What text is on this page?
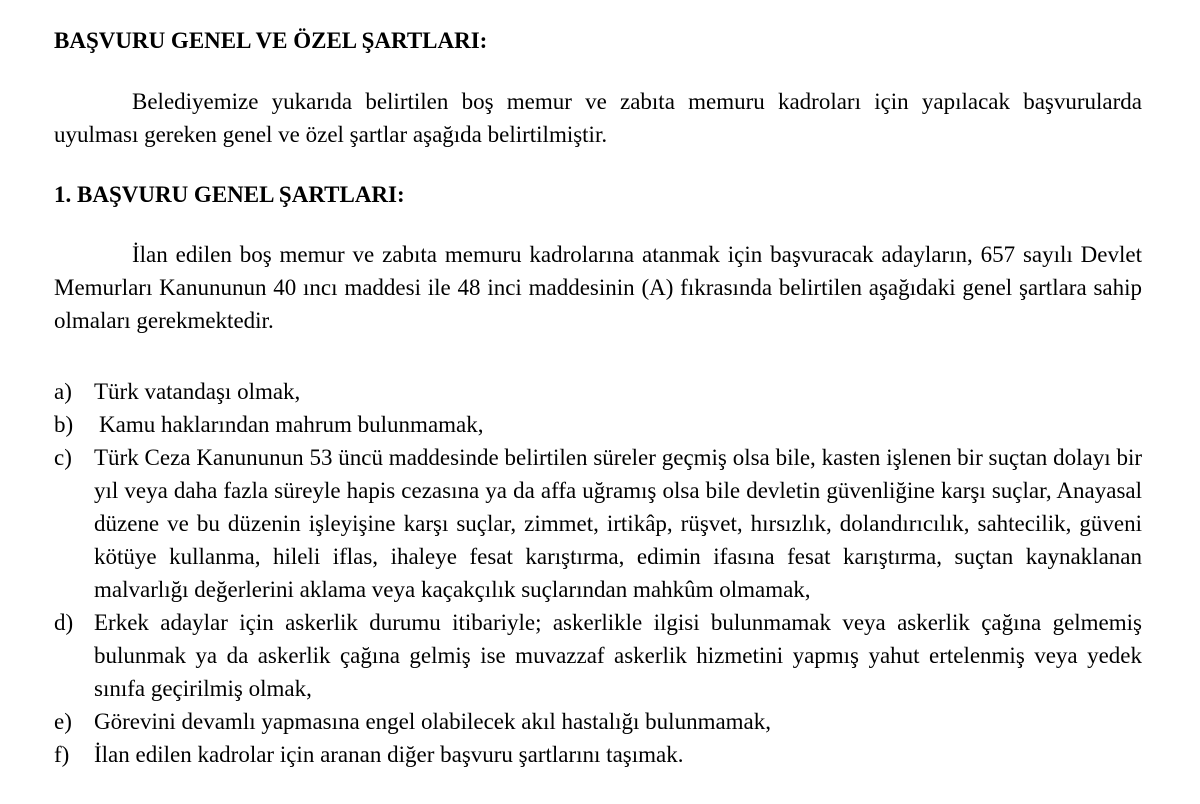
BAŞVURU GENEL VE ÖZEL ŞARTLARI:

Belediyemize yukarıda belirtilen boş memur ve zabıta memuru kadroları için yapılacak başvurularda uyulması gereken genel ve özel şartlar aşağıda belirtilmiştir.

1. BAŞVURU GENEL ŞARTLARI:

İlan edilen boş memur ve zabıta memuru kadrolarına atanmak için başvuracak adayların, 657 sayılı Devlet Memurları Kanununun 40 ıncı maddesi ile 48 inci maddesinin (A) fıkrasında belirtilen aşağıdaki genel şartlara sahip olmaları gerekmektedir.

a) Türk vatandaşı olmak,
b) Kamu haklarından mahrum bulunmamak,
c) Türk Ceza Kanununun 53 üncü maddesinde belirtilen süreler geçmiş olsa bile, kasten işlenen bir suçtan dolayı bir yıl veya daha fazla süreyle hapis cezasına ya da affa uğramış olsa bile devletin güvenliğine karşı suçlar, Anayasal düzene ve bu düzenin işleyişine karşı suçlar, zimmet, irtikâp, rüşvet, hırsızlık, dolandırıcılık, sahtecilik, güveni kötüye kullanma, hileli iflas, ihaleye fesat karıştırma, edimin ifasına fesat karıştırma, suçtan kaynaklanan malvarlığı değerlerini aklama veya kaçakçılık suçlarından mahkûm olmamak,
d) Erkek adaylar için askerlik durumu itibariyle; askerlikle ilgisi bulunmamak veya askerlik çağına gelmemiş bulunmak ya da askerlik çağına gelmiş ise muvazzaf askerlik hizmetini yapmış yahut ertelenmiş veya yedek sınıfa geçirilmiş olmak,
e) Görevini devamlı yapmasına engel olabilecek akıl hastalığı bulunmamak,
f) İlan edilen kadrolar için aranan diğer başvuru şartlarını taşımak.
